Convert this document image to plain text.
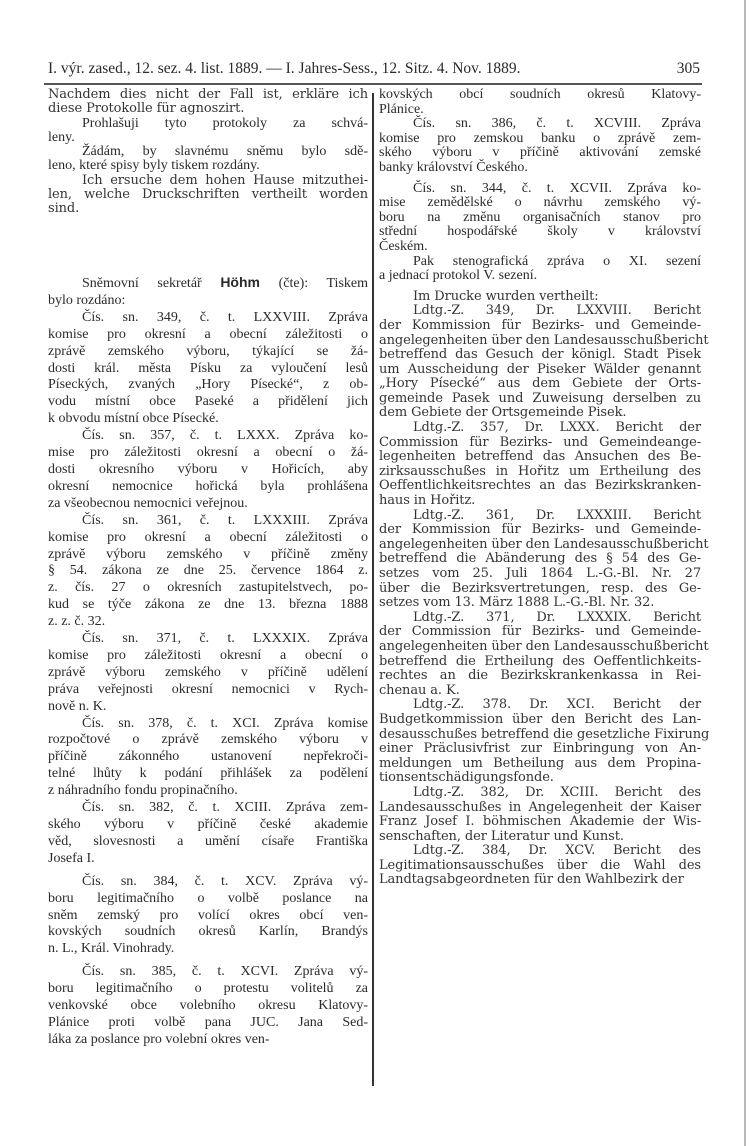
I. výr. zased., 12. sez. 4. list. 1889. — I. Jahres-Sess., 12. Sitz. 4. Nov. 1889.	305
Nachdem dies nicht der Fall ist, erkläre ich
diese Protokolle für agnoszirt.
Prohlašuji tyto protokoly za schvá-
leny.
Žádám, by slavnému sněmu bylo sdě-
leno, které spisy byly tiskem rozdány.
Ich ersuche dem hohen Hause mitzuthei-
len, welche Druckschriften vertheilt worden
sind.
Sněmovní sekretář Höhm (čte): Tiskem
bylo rozdáno:
Čís. sn. 349, č. t. LXXVIII. Zpráva
komise pro okresní a obecní záležitosti o
zprávě zemského výboru, týkající se žá-
dosti král. města Písku za vyloučení lesů
Píseckých, zvaných „Hory Písecké“, z ob-
vodu místní obce Paseké a přidělení jich
k obvodu místní obce Písecké.
Čís. sn. 357, č. t. LXXX. Zpráva ko-
mise pro záležitosti okresní a obecní o žá-
dosti okresního výboru v Hořicích, aby
okresní nemocnice hořická byla prohlášena
za všeobecnou nemocnici veřejnou.
Čís. sn. 361, č. t. LXXXIII. Zpráva
komise pro okresní a obecní záležitosti o
zprávě výboru zemského v příčině změny
§ 54. zákona ze dne 25. července 1864 z.
z. čís. 27 o okresních zastupitelstvech, po-
kud se týče zákona ze dne 13. března 1888
z. z. č. 32.
Čís. sn. 371, č. t. LXXXIX. Zpráva
komise pro záležitosti okresní a obecní o
zprávě výboru zemského v příčině udělení
práva veřejnosti okresní nemocnici v Rych-
nově n. K.
Čís. sn. 378, č. t. XCI. Zpráva komise
rozpočtové o zprávě zemského výboru v
příčině zákonného ustanovení nepřekroči-
telné lhůty k podání přihlášek za podělení
z náhradního fondu propinačního.
Čís. sn. 382, č. t. XCIII. Zpráva zem-
ského výboru v příčině české akademie
věd, slovesnosti a umění císaře Františka
Josefa I.
Čís. sn. 384, č. t. XCV. Zpráva vý-
boru legitimačního o volbě poslance na
sněm zemský pro volící okres obcí ven-
kovských soudních okresů Karlín, Brandýs
n. L., Král. Vinohrady.
Čís. sn. 385, č. t. XCVI. Zpráva vý-
boru legitimačního o protestu volitelů za
venkovské obce volebního okresu Klatovy-
Plánice proti volbě pana JUC. Jana Sed-
láka za poslance pro volební okres ven-
kovských obcí soudních okresů Klatovy-
Plánice.
Čís. sn. 386, č. t. XCVIII. Zpráva
komise pro zemskou banku o zprávě zem-
ského výboru v příčině aktivování zemské
banky království Českého.
Čís. sn. 344, č. t. XCVII. Zpráva ko-
mise zemědělské o návrhu zemského vý-
boru na změnu organisačních stanov pro
střední hospodářské školy v království
Českém.
Pak stenografická zpráva o XI. sezení
a jednací protokol V. sezení.
Im Drucke wurden vertheilt:
Ldtg.-Z. 349, Dr. LXXVIII. Bericht
der Kommission für Bezirks- und Gemeinde-
angelegenheiten über den Landesausschußbericht
betreffend das Gesuch der königl. Stadt Pisek
um Ausscheidung der Piseker Wälder genannt
„Hory Písecké“ aus dem Gebiete der Orts-
gemeinde Pasek und Zuweisung derselben zu
dem Gebiete der Ortsgemeinde Pisek.
Ldtg.-Z. 357, Dr. LXXX. Bericht der
Commission für Bezirks- und Gemeindeange-
legenheiten betreffend das Ansuchen des Be-
zirksausschußes in Hořitz um Ertheilung des
Oeffentlichkeitsrechtes an das Bezirkskranken-
haus in Hořitz.
Ldtg.-Z. 361, Dr. LXXXIII. Bericht
der Kommission für Bezirks- und Gemeinde-
angelegenheiten über den Landesausschußbericht
betreffend die Abänderung des § 54 des Ge-
setzes vom 25. Juli 1864 L.-G.-Bl. Nr. 27
über die Bezirksvertretungen, resp. des Ge-
setzes vom 13. März 1888 L.-G.-Bl. Nr. 32.
Ldtg.-Z. 371, Dr. LXXXIX. Bericht
der Commission für Bezirks- und Gemeinde-
angelegenheiten über den Landesausschußbericht
betreffend die Ertheilung des Oeffentlichkeits-
rechtes an die Bezirkskrankenkassa in Rei-
chenau a. K.
Ldtg.-Z. 378. Dr. XCI. Bericht der
Budgetkommission über den Bericht des Lan-
desausschußes betreffend die gesetzliche Fixirung
einer Präclusivfrist zur Einbringung von An-
meldungen um Betheilung aus dem Propina-
tionsentschädigungsfonde.
Ldtg.-Z. 382, Dr. XCIII. Bericht des
Landesausschußes in Angelegenheit der Kaiser
Franz Josef I. böhmischen Akademie der Wis-
senschaften, der Literatur und Kunst.
Ldtg.-Z. 384, Dr. XCV. Bericht des
Legitimationsausschußes über die Wahl des
Landtagsabgeordneten für den Wahlbezirk der
